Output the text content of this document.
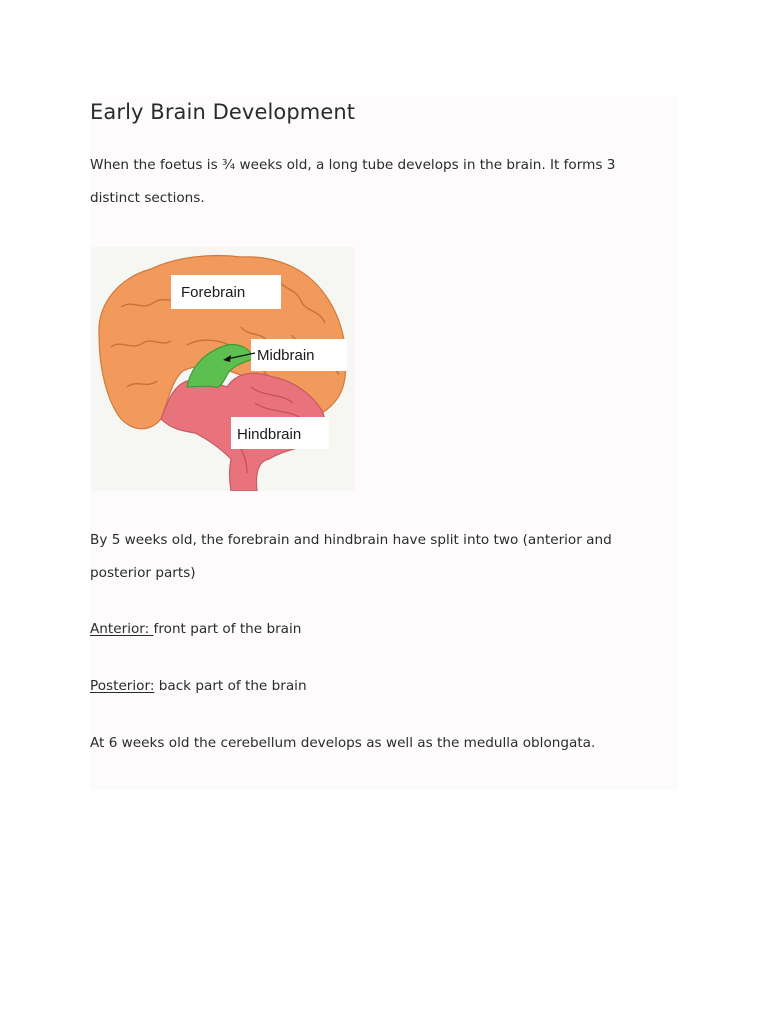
Early Brain Development

When the foetus is ¾ weeks old, a long tube develops in the brain. It forms 3 distinct sections.

Forebrain
Midbrain
Hindbrain

By 5 weeks old, the forebrain and hindbrain have split into two (anterior and posterior parts)

Anterior: front part of the brain

Posterior: back part of the brain

At 6 weeks old the cerebellum develops as well as the medulla oblongata.
